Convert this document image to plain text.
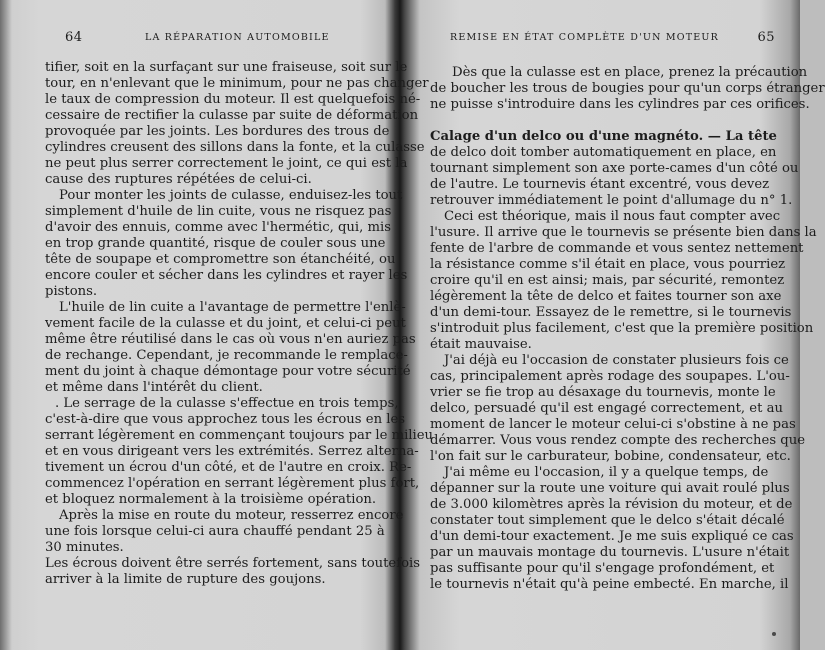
64	LA RÉPARATION AUTOMOBILE
tifier, soit en la surfaçant sur une fraiseuse, soit sur le
tour, en n'enlevant que le minimum, pour ne pas changer
le taux de compression du moteur. Il est quelquefois né-
cessaire de rectifier la culasse par suite de déformation
provoquée par les joints. Les bordures des trous de
cylindres creusent des sillons dans la fonte, et la culasse
ne peut plus serrer correctement le joint, ce qui est la
cause des ruptures répétées de celui-ci.
Pour monter les joints de culasse, enduisez-les tout
simplement d'huile de lin cuite, vous ne risquez pas
d'avoir des ennuis, comme avec l'hermétic, qui, mis
en trop grande quantité, risque de couler sous une
tête de soupape et compromettre son étanchéité, ou
encore couler et sécher dans les cylindres et rayer les
pistons.
L'huile de lin cuite a l'avantage de permettre l'enlè-
vement facile de la culasse et du joint, et celui-ci peut
même être réutilisé dans le cas où vous n'en auriez pas
de rechange. Cependant, je recommande le remplace-
ment du joint à chaque démontage pour votre sécurité
et même dans l'intérêt du client.
. Le serrage de la culasse s'effectue en trois temps,
c'est-à-dire que vous approchez tous les écrous en les
serrant légèrement en commençant toujours par le milieu
et en vous dirigeant vers les extrémités. Serrez alterna-
tivement un écrou d'un côté, et de l'autre en croix. Re-
commencez l'opération en serrant légèrement plus fort,
et bloquez normalement à la troisième opération.
Après la mise en route du moteur, resserrez encore
une fois lorsque celui-ci aura chauffé pendant 25 à
30 minutes.
Les écrous doivent être serrés fortement, sans toutefois
arriver à la limite de rupture des goujons.
REMISE EN ÉTAT COMPLÈTE D'UN MOTEUR	65
Dès que la culasse est en place, prenez la précaution
de boucher les trous de bougies pour qu'un corps étranger
ne puisse s'introduire dans les cylindres par ces orifices.
Calage d'un delco ou d'une magnéto. — La tête
de delco doit tomber automatiquement en place, en
tournant simplement son axe porte-cames d'un côté ou
de l'autre. Le tournevis étant excentré, vous devez
retrouver immédiatement le point d'allumage du n° 1.
Ceci est théorique, mais il nous faut compter avec
l'usure. Il arrive que le tournevis se présente bien dans la
fente de l'arbre de commande et vous sentez nettement
la résistance comme s'il était en place, vous pourriez
croire qu'il en est ainsi; mais, par sécurité, remontez
légèrement la tête de delco et faites tourner son axe
d'un demi-tour. Essayez de le remettre, si le tournevis
s'introduit plus facilement, c'est que la première position
était mauvaise.
J'ai déjà eu l'occasion de constater plusieurs fois ce
cas, principalement après rodage des soupapes. L'ou-
vrier se fie trop au désaxage du tournevis, monte le
delco, persuadé qu'il est engagé correctement, et au
moment de lancer le moteur celui-ci s'obstine à ne pas
démarrer. Vous vous rendez compte des recherches que
l'on fait sur le carburateur, bobine, condensateur, etc.
J'ai même eu l'occasion, il y a quelque temps, de
dépanner sur la route une voiture qui avait roulé plus
de 3.000 kilomètres après la révision du moteur, et de
constater tout simplement que le delco s'était décalé
d'un demi-tour exactement. Je me suis expliqué ce cas
par un mauvais montage du tournevis. L'usure n'était
pas suffisante pour qu'il s'engage profondément, et
le tournevis n'était qu'à peine embecté. En marche, il
